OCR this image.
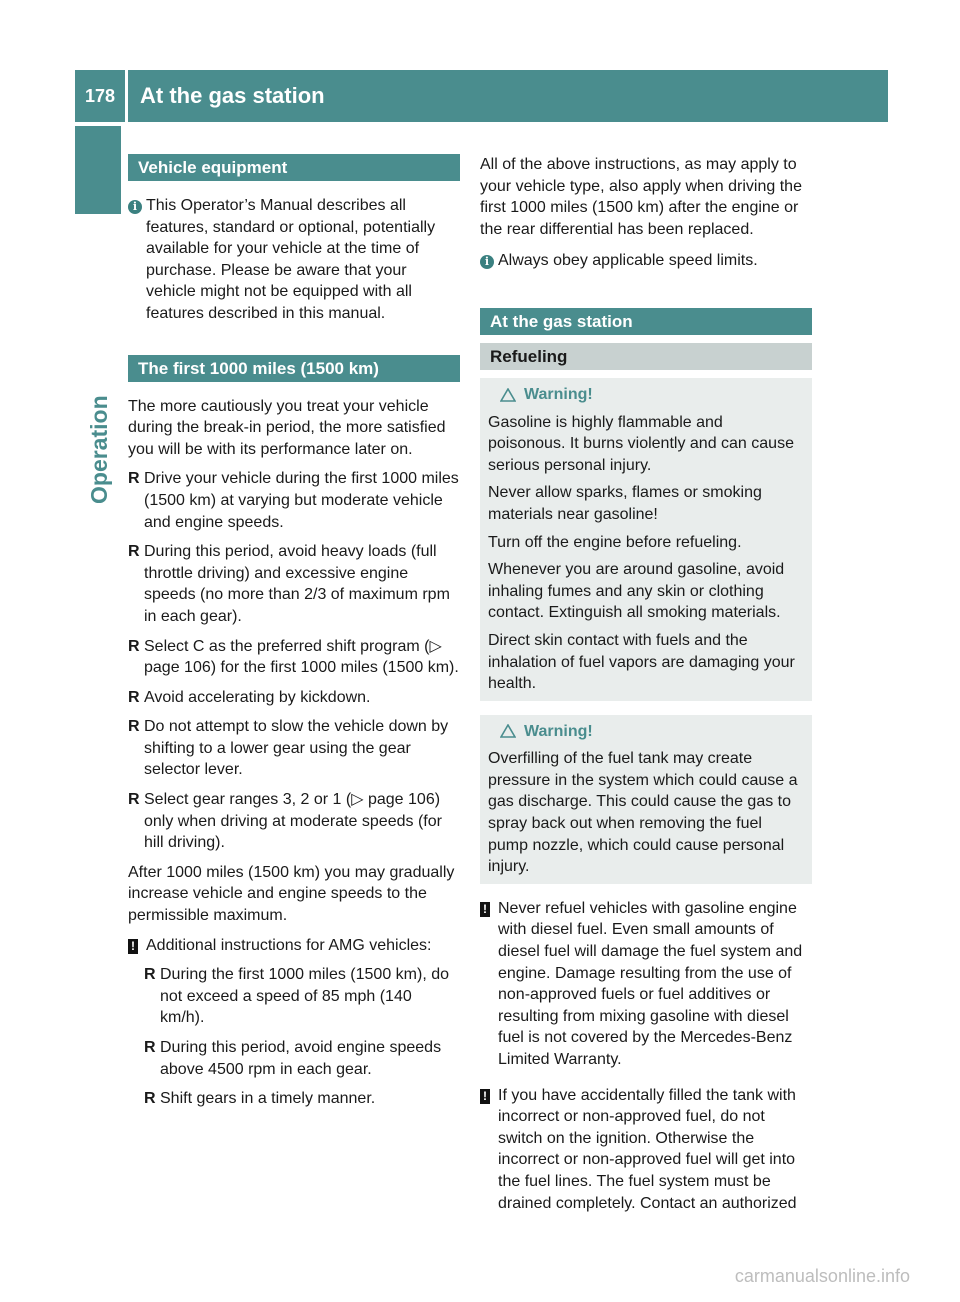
178	At the gas station
Operation
Vehicle equipment
i This Operator’s Manual describes all features, standard or optional, potentially available for your vehicle at the time of purchase. Please be aware that your vehicle might not be equipped with all features described in this manual.
The first 1000 miles (1500 km)

The more cautiously you treat your vehicle during the break-in period, the more satisfied you will be with its performance later on.

R Drive your vehicle during the first 1000 miles (1500 km) at varying but moderate vehicle and engine speeds.
R During this period, avoid heavy loads (full throttle driving) and excessive engine speeds (no more than 2/3 of maximum rpm in each gear).
R Select C as the preferred shift program (▷ page 106) for the first 1000 miles (1500 km).
R Avoid accelerating by kickdown.
R Do not attempt to slow the vehicle down by shifting to a lower gear using the gear selector lever.
R Select gear ranges 3, 2 or 1 (▷ page 106) only when driving at moderate speeds (for hill driving).

After 1000 miles (1500 km) you may gradually increase vehicle and engine speeds to the permissible maximum.

! Additional instructions for AMG vehicles:
R During the first 1000 miles (1500 km), do not exceed a speed of 85 mph (140 km/h).
R During this period, avoid engine speeds above 4500 rpm in each gear.
R Shift gears in a timely manner.

All of the above instructions, as may apply to your vehicle type, also apply when driving the first 1000 miles (1500 km) after the engine or the rear differential has been replaced.

i Always obey applicable speed limits.
At the gas station
Refueling
Warning!

Gasoline is highly flammable and poisonous. It burns violently and can cause serious personal injury.

Never allow sparks, flames or smoking materials near gasoline!

Turn off the engine before refueling.

Whenever you are around gasoline, avoid inhaling fumes and any skin or clothing contact. Extinguish all smoking materials.

Direct skin contact with fuels and the inhalation of fuel vapors are damaging your health.

Warning!

Overfilling of the fuel tank may create pressure in the system which could cause a gas discharge. This could cause the gas to spray back out when removing the fuel pump nozzle, which could cause personal injury.

! Never refuel vehicles with gasoline engine with diesel fuel. Even small amounts of diesel fuel will damage the fuel system and engine. Damage resulting from the use of non-approved fuels or fuel additives or resulting from mixing gasoline with diesel fuel is not covered by the Mercedes-Benz Limited Warranty.
! If you have accidentally filled the tank with incorrect or non-approved fuel, do not switch on the ignition. Otherwise the incorrect or non-approved fuel will get into the fuel lines. The fuel system must be drained completely. Contact an authorized
carmanualsonline.info
